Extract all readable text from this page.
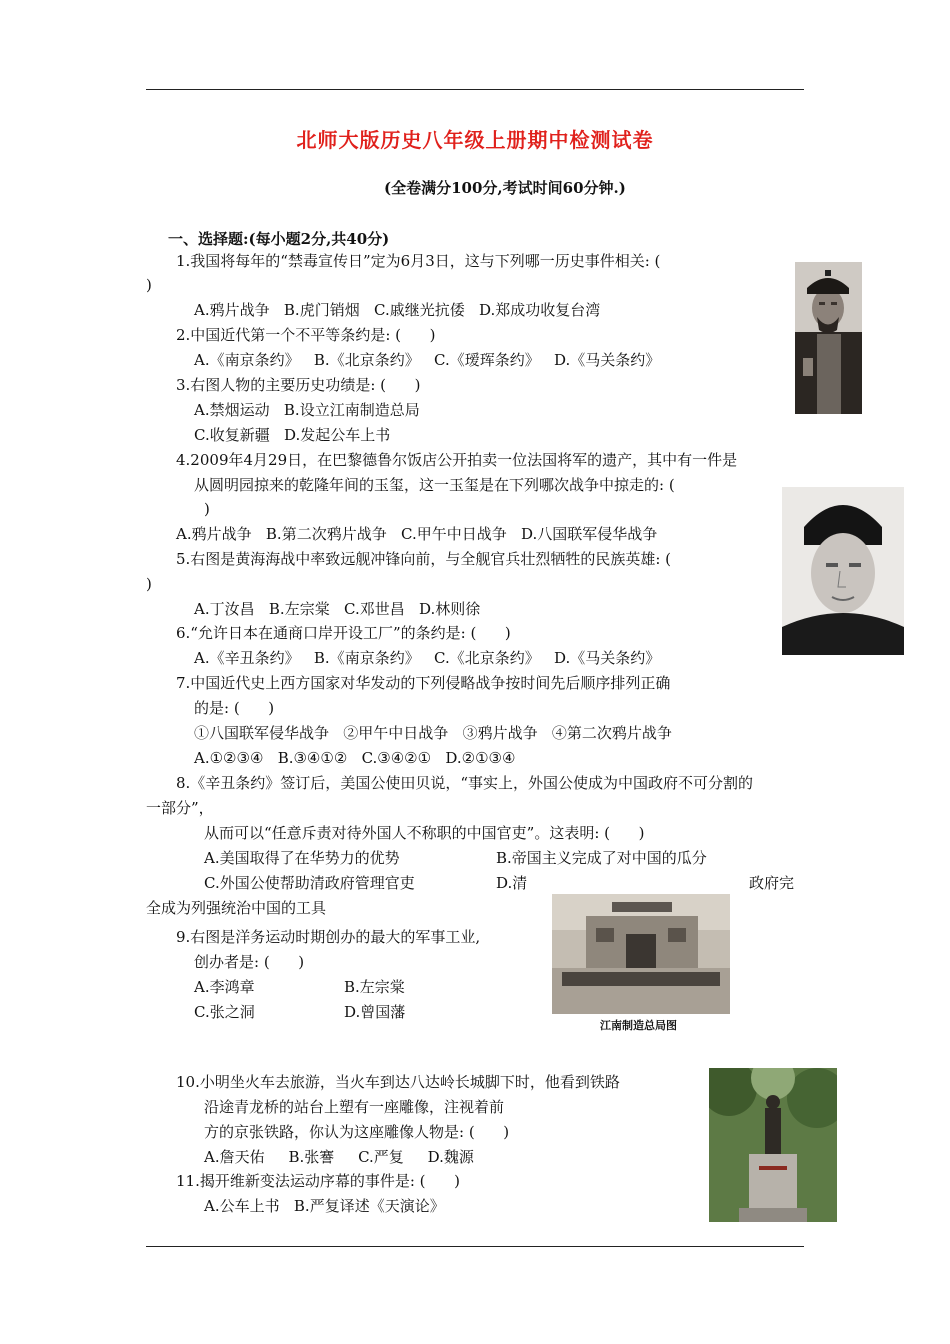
北师大版历史八年级上册期中检测试卷
(全卷满分100分,考试时间60分钟.)
一、选择题:(每小题2分,共40分)
1.我国将每年的“禁毒宣传日”定为6月3日，这与下列哪一历史事件相关: (
)
A.鸦片战争   B.虎门销烟   C.戚继光抗倭   D.郑成功收复台湾
2.中国近代第一个不平等条约是: (      )
A.《南京条约》   B.《北京条约》   C.《瑷珲条约》   D.《马关条约》
3.右图人物的主要历史功绩是: (      )
A.禁烟运动   B.设立江南制造总局
C.收复新疆   D.发起公车上书
4.2009年4月29日，在巴黎德鲁尔饭店公开拍卖一位法国将军的遗产，其中有一件是
从圆明园掠来的乾隆年间的玉玺，这一玉玺是在下列哪次战争中掠走的: (
)
A.鸦片战争   B.第二次鸦片战争   C.甲午中日战争   D.八国联军侵华战争
5.右图是黄海海战中率致远舰冲锋向前，与全舰官兵壮烈牺牲的民族英雄: (
)
A.丁汝昌   B.左宗棠   C.邓世昌   D.林则徐
6.“允许日本在通商口岸开设工厂”的条约是: (      )
A.《辛丑条约》   B.《南京条约》   C.《北京条约》   D.《马关条约》
7.中国近代史上西方国家对华发动的下列侵略战争按时间先后顺序排列正确
的是: (      )
①八国联军侵华战争   ②甲午中日战争   ③鸦片战争   ④第二次鸦片战争
A.①②③④   B.③④①②   C.③④②①   D.②①③④
8.《辛丑条约》签订后，美国公使田贝说，“事实上，外国公使成为中国政府不可分割的
一部分”，
从而可以“任意斥责对待外国人不称职的中国官吏”。这表明: (      )
A.美国取得了在华势力的优势	B.帝国主义完成了对中国的瓜分
C.外国公使帮助清政府管理官吏	D.清	政府完
全成为列强统治中国的工具
9.右图是洋务运动时期创办的最大的军事工业,
创办者是: (      )
A.李鸿章	B.左宗棠
C.张之洞	D.曾国藩
10.小明坐火车去旅游，当火车到达八达岭长城脚下时，他看到铁路
沿途青龙桥的站台上塑有一座雕像，注视着前
方的京张铁路，你认为这座雕像人物是: (      )
A.詹天佑     B.张謇     C.严复     D.魏源
11.揭开维新变法运动序幕的事件是: (      )
A.公车上书   B.严复译述《天演论》
江南制造总局图
